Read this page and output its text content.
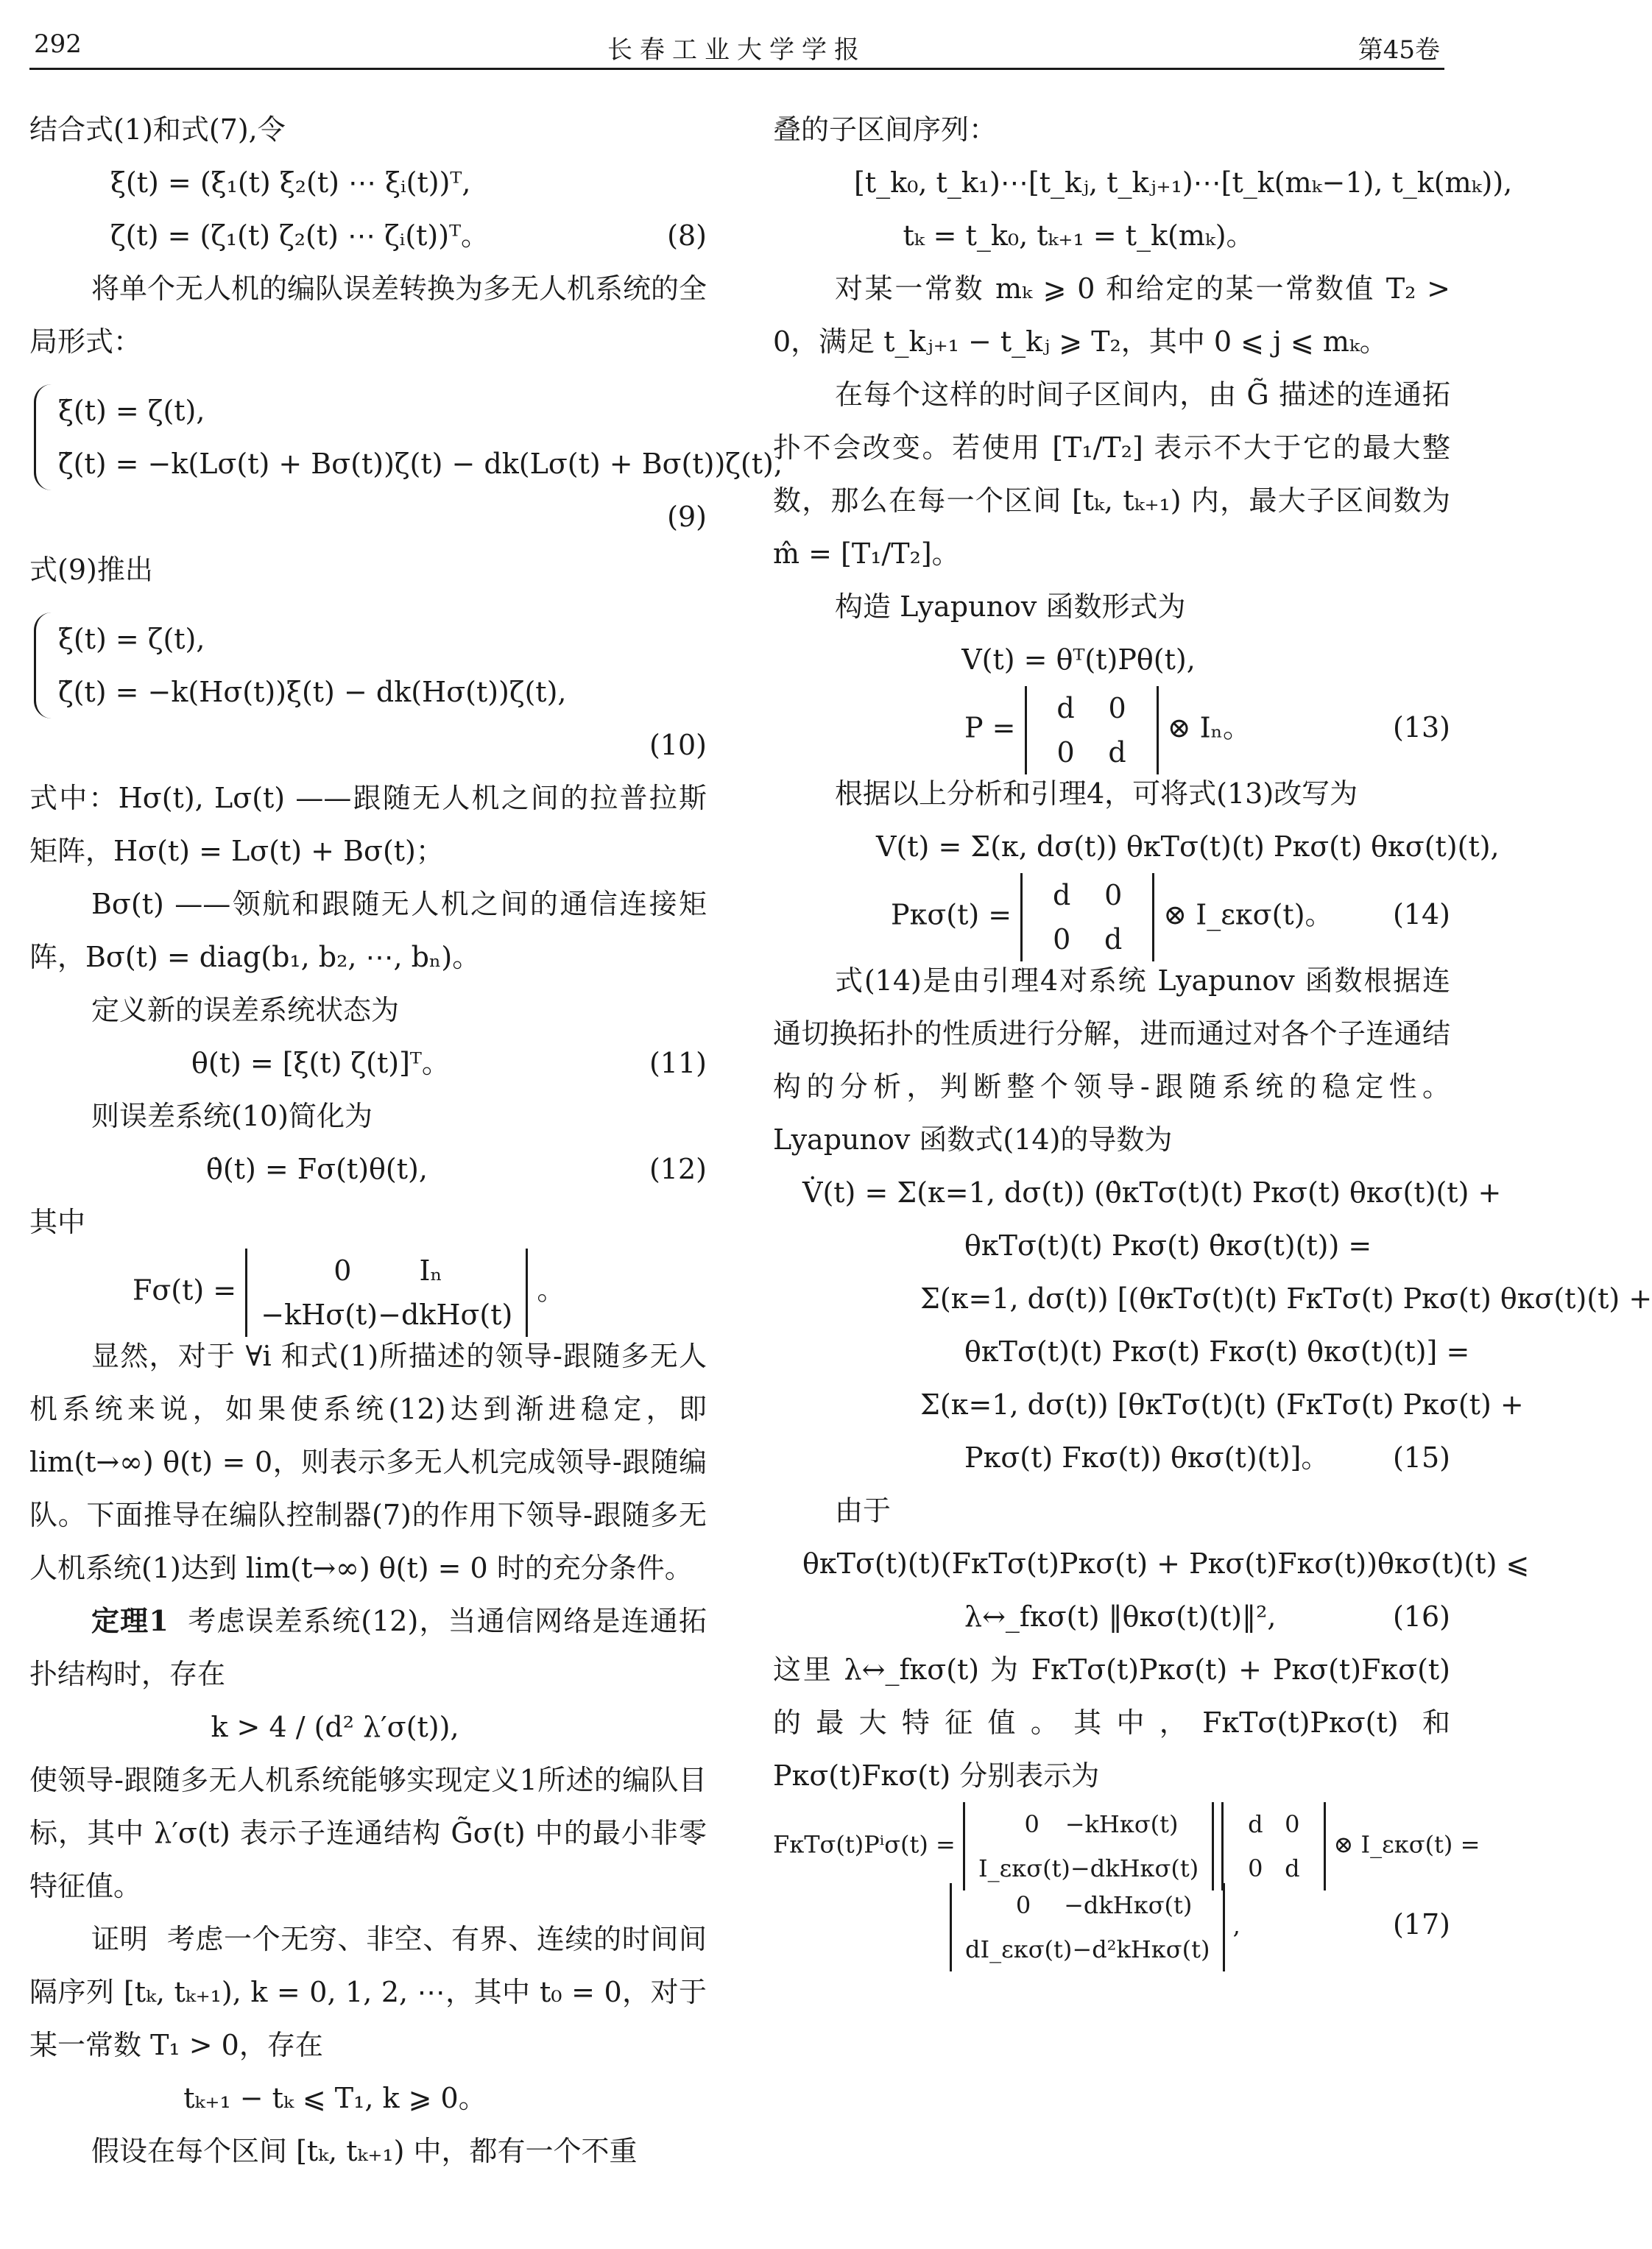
292	长春工业大学学报	第45卷

结合式(1)和式(7),令

ξ(t) = (ξ₁(t) ξ₂(t) ⋯ ξᵢ(t))ᵀ,
ζ(t) = (ζ₁(t) ζ₂(t) ⋯ ζᵢ(t))ᵀ。	(8)

将单个无人机的编队误差转换为多无人机系统的全局形式：

ξ̇(t) = ζ(t),
ζ̇(t) = −k(Lσ(t) + Bσ(t))ζ(t) − dk(Lσ(t) + Bσ(t))ζ(t),
(9)

式(9)推出

ξ̇(t) = ζ(t),
ζ̇(t) = −k(Hσ(t))ξ(t) − dk(Hσ(t))ζ(t),
(10)

式中：Hσ(t), Lσ(t) ——跟随无人机之间的拉普拉斯矩阵，Hσ(t) = Lσ(t) + Bσ(t)；

Bσ(t) ——领航和跟随无人机之间的通信连接矩阵，Bσ(t) = diag(b₁, b₂, ⋯, bₙ)。

定义新的误差系统状态为

θ(t) = [ξ(t) ζ(t)]ᵀ。	(11)

则误差系统(10)简化为

θ̇(t) = Fσ(t)θ(t),	(12)

其中

Fσ(t) =
0 Iₙ
−kHσ(t)−dkHσ(t)
。

显然，对于 ∀i 和式(1)所描述的领导-跟随多无人机系统来说，如果使系统(12)达到渐进稳定，即 lim(t→∞) θ(t) = 0，则表示多无人机完成领导-跟随编队。下面推导在编队控制器(7)的作用下领导-跟随多无人机系统(1)达到 lim(t→∞) θ(t) = 0 时的充分条件。

定理1 考虑误差系统(12)，当通信网络是连通拓扑结构时，存在

k > 4 / (d² λ′σ(t)),

使领导-跟随多无人机系统能够实现定义1所述的编队目标，其中 λ′σ(t) 表示子连通结构 G̃σ(t) 中的最小非零特征值。

证明 考虑一个无穷、非空、有界、连续的时间间隔序列 [tₖ, tₖ₊₁), k = 0, 1, 2, ⋯，其中 t₀ = 0，对于某一常数 T₁ > 0，存在

tₖ₊₁ − tₖ ⩽ T₁, k ⩾ 0。

假设在每个区间 [tₖ, tₖ₊₁) 中，都有一个不重

叠的子区间序列：

[t_k₀, t_k₁)⋯[t_kⱼ, t_kⱼ₊₁)⋯[t_k(mₖ−1), t_k(mₖ)),
tₖ = t_k₀, tₖ₊₁ = t_k(mₖ)。

对某一常数 mₖ ⩾ 0 和给定的某一常数值 T₂ > 0，满足 t_kⱼ₊₁ − t_kⱼ ⩾ T₂，其中 0 ⩽ j ⩽ mₖ。

在每个这样的时间子区间内，由 G̃ 描述的连通拓扑不会改变。若使用 [T₁/T₂] 表示不大于它的最大整数，那么在每一个区间 [tₖ, tₖ₊₁) 内，最大子区间数为 m̂ = [T₁/T₂]。

构造 Lyapunov 函数形式为

V(t) = θᵀ(t)Pθ(t),
P =
d 0
0 d
⊗ Iₙ。	(13)

根据以上分析和引理4，可将式(13)改写为

V(t) = Σ(κ, dσ(t)) θκTσ(t)(t) Pκσ(t) θκσ(t)(t),
Pκσ(t) =
d 0
0 d
⊗ I_εκσ(t)。 (14)

式(14)是由引理4对系统 Lyapunov 函数根据连通切换拓扑的性质进行分解，进而通过对各个子连通结构的分析，判断整个领导-跟随系统的稳定性。Lyapunov 函数式(14)的导数为

V̇(t) = Σ(κ=1, dσ(t)) (θ̇κTσ(t)(t) Pκσ(t) θκσ(t)(t) +
θκTσ(t)(t) Pκσ(t) θ̇κσ(t)(t)) =
Σ(κ=1, dσ(t)) [(θκTσ(t)(t) FκTσ(t) Pκσ(t) θκσ(t)(t) +
θκTσ(t)(t) Pκσ(t) Fκσ(t) θκσ(t)(t)] =
Σ(κ=1, dσ(t)) [θκTσ(t)(t) (FκTσ(t) Pκσ(t) +
Pκσ(t) Fκσ(t)) θκσ(t)(t)]。 (15)

由于

θκTσ(t)(t)(FκTσ(t)Pκσ(t) + Pκσ(t)Fκσ(t))θκσ(t)(t) ⩽
λ↔_fκσ(t) ‖θκσ(t)(t)‖²,	(16)

这里 λ↔_fκσ(t) 为 FκTσ(t)Pκσ(t) + Pκσ(t)Fκσ(t) 的最大特征值。其中，FκTσ(t)Pκσ(t) 和 Pκσ(t)Fκσ(t) 分别表示为

FκTσ(t)Pⁱσ(t) =
0 −kHκσ(t)
I_εκσ(t)−dkHκσ(t)

d 0
0 d
⊗ I_εκσ(t) =
0 −dkHκσ(t)
dI_εκσ(t)−d²kHκσ(t)
,	(17)
